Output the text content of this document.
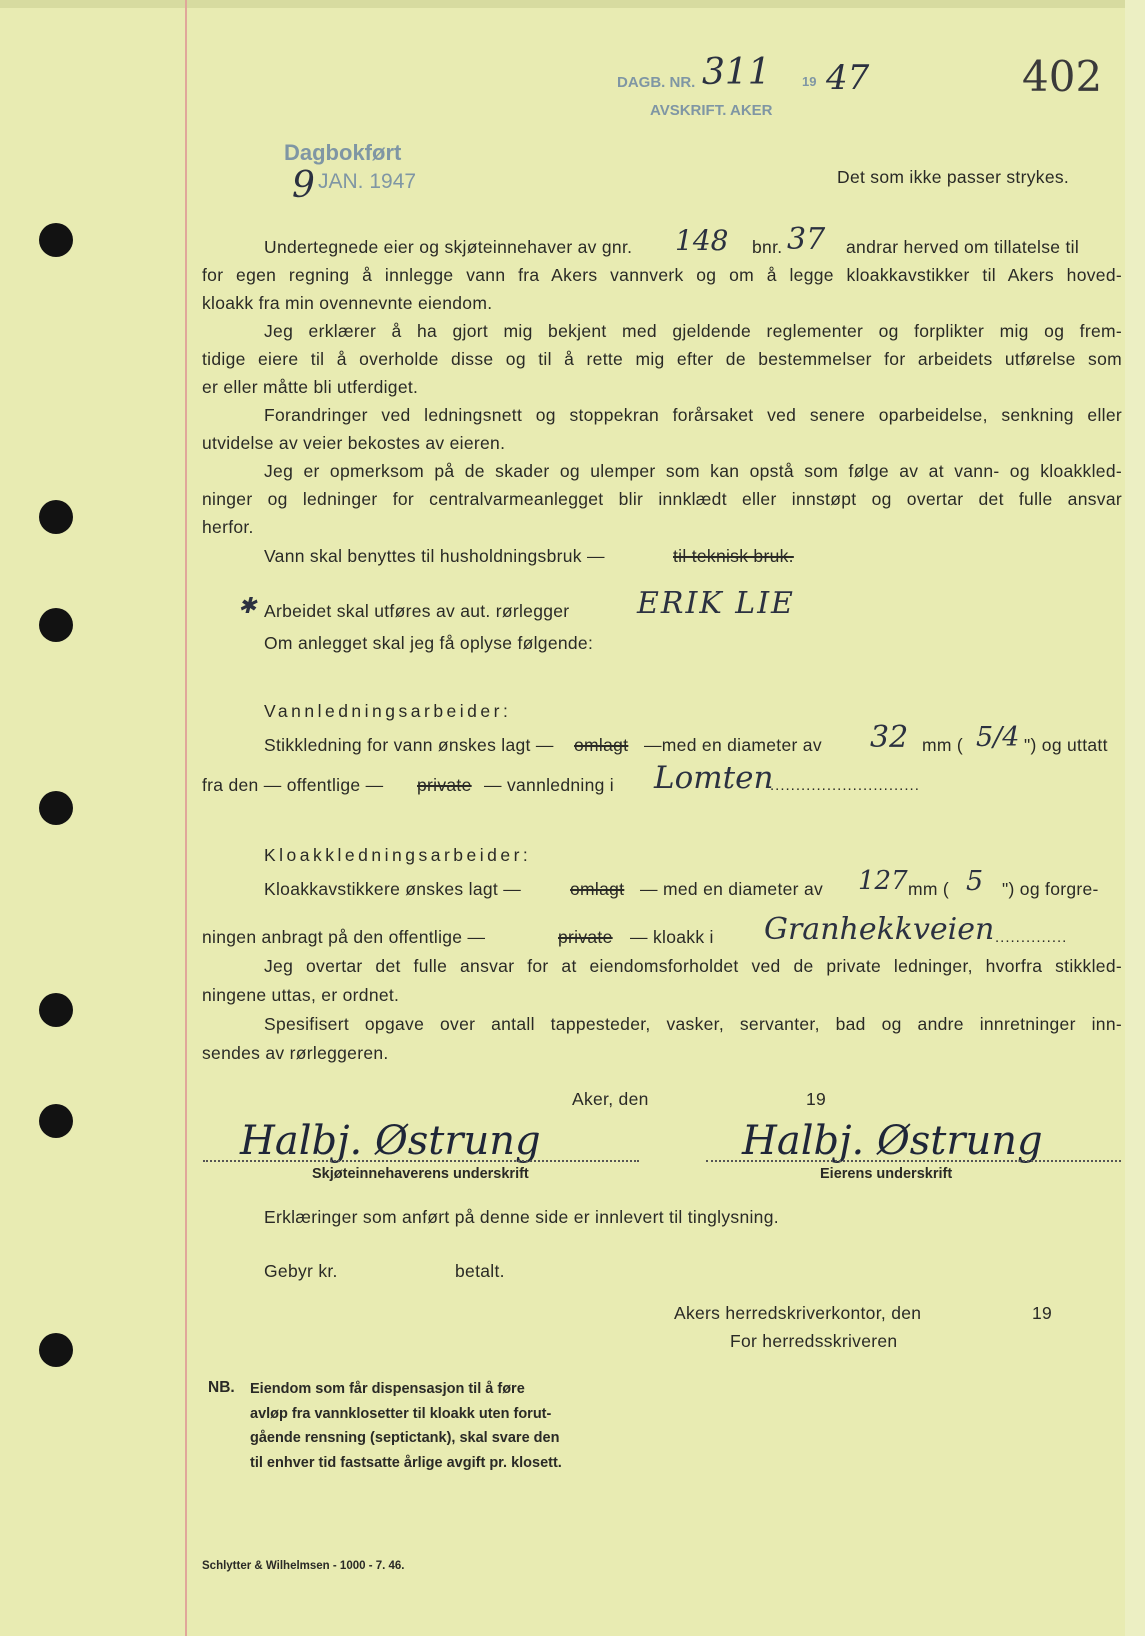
402
DAGB. NR. 311 19 47
AVSKRIFT. AKER
Dagbokført
9 JAN. 1947	Det som ikke passer strykes.
Undertegnede eier og skjøteinnehaver av gnr. 148 bnr. 37 andrar herved om tillatelse til
for egen regning å innlegge vann fra Akers vannverk og om å legge kloakkavstikker til Akers hoved-
kloakk fra min ovennevnte eiendom.
Jeg erklærer å ha gjort mig bekjent med gjeldende reglementer og forplikter mig og frem-
tidige eiere til å overholde disse og til å rette mig efter de bestemmelser for arbeidets utførelse som
er eller måtte bli utferdiget.
Forandringer ved ledningsnett og stoppekran forårsaket ved senere oparbeidelse, senkning eller
utvidelse av veier bekostes av eieren.
Jeg er opmerksom på de skader og ulemper som kan opstå som følge av at vann- og kloakkled-
ninger og ledninger for centralvarmeanlegget blir innklædt eller innstøpt og overtar det fulle ansvar
herfor.
Vann skal benyttes til husholdningsbruk —	til teknisk bruk.
✱ Arbeidet skal utføres av aut. rørlegger ERIK LIE
Om anlegget skal jeg få oplyse følgende:
Vannledningsarbeider:
Stikkledning for vann ønskes lagt — omlagt —med en diameter av 32 mm ( 5/4 ") og uttatt
fra den — offentlige — private — vannledning i Lomten
.............................
Kloakkledningsarbeider:
Kloakkavstikkere ønskes lagt —	omlagt — med en diameter av 127 mm ( 5 ") og forgre-
ningen anbragt på den offentlige —	private — kloakk i Granhekkveien ..............
Jeg overtar det fulle ansvar for at eiendomsforholdet ved de private ledninger, hvorfra stikkled-
ningene uttas, er ordnet.
Spesifisert opgave over antall tappesteder, vasker, servanter, bad og andre innretninger inn-
sendes av rørleggeren.
Aker, den	19
Halbj. Østrung	Halbj. Østrung
Skjøteinnehaverens underskrift	Eierens underskrift
Erklæringer som anført på denne side er innlevert til tinglysning.
Gebyr kr.	betalt.
Akers herredskriverkontor, den	19
For herredsskriveren
NB. Eiendom som får dispensasjon til å føre
avløp fra vannklosetter til kloakk uten forut-
gående rensning (septictank), skal svare den
til enhver tid fastsatte årlige avgift pr. klosett.
Schlytter & Wilhelmsen - 1000 - 7. 46.
